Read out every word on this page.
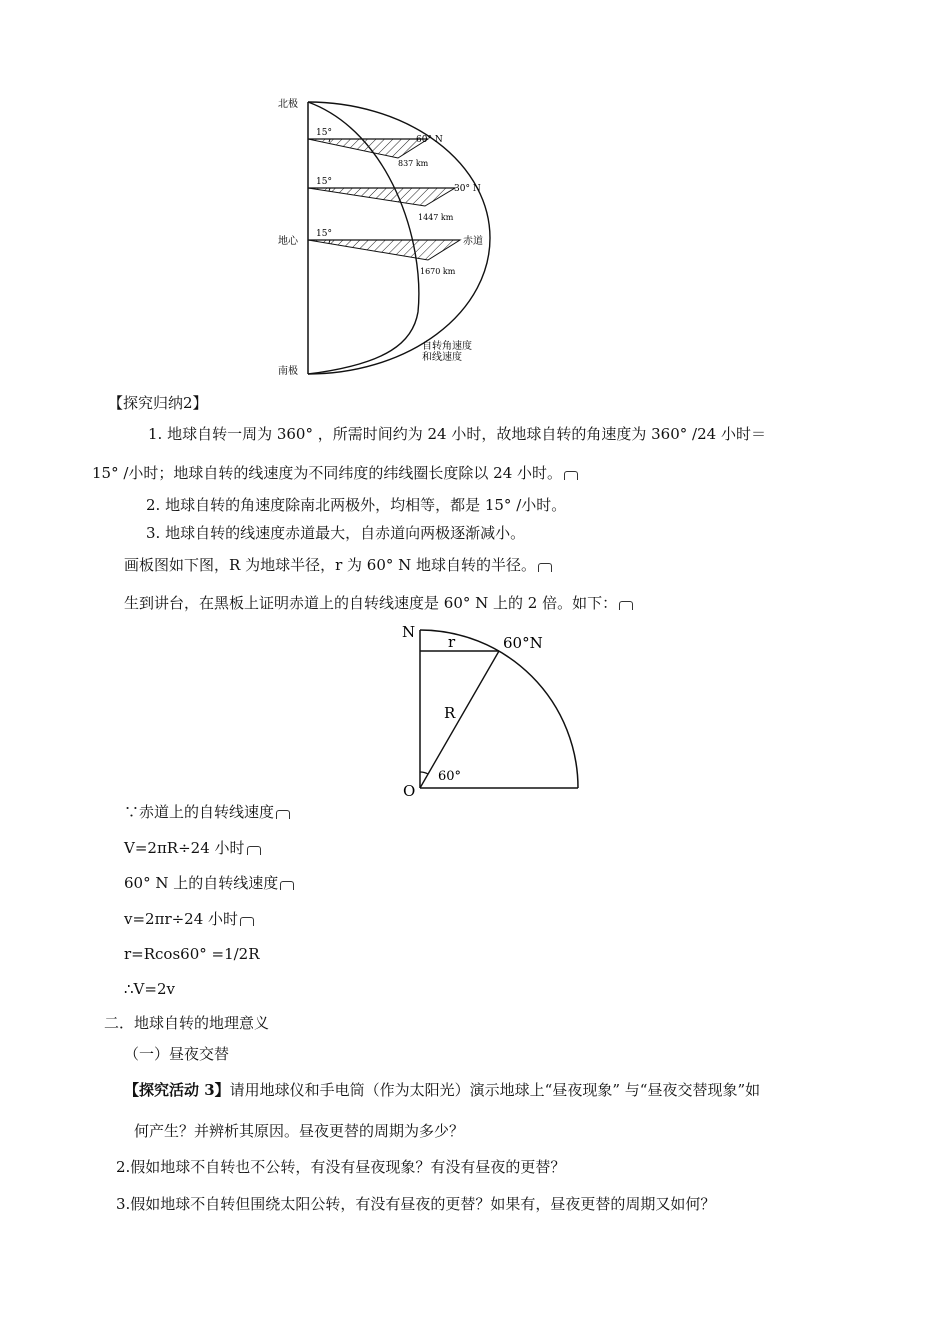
北极
地心
南极
15°
15°
15°
60° N
30° N
赤道
837 km
1447 km
1670 km
自转角速度
和线速度
【探究归纳2】
1. 地球自转一周为 360° ，所需时间约为 24 小时，故地球自转的角速度为 360° /24 小时＝
15° /小时；地球自转的线速度为不同纬度的纬线圈长度除以 24 小时。
2. 地球自转的角速度除南北两极外，均相等，都是 15° /小时。
3. 地球自转的线速度赤道最大，自赤道向两极逐渐减小。
画板图如下图，R 为地球半径，r 为 60° N 地球自转的半径。
生到讲台，在黑板上证明赤道上的自转线速度是 60° N 上的 2 倍。如下：
N
r	60°N
R
60°
O
∵赤道上的自转线速度
V=2πR÷24 小时
60° N 上的自转线速度
v=2πr÷24 小时
r=Rcos60° =1/2R
∴V=2v
二．地球自转的地理意义
（一）昼夜交替
【探究活动 3】请用地球仪和手电筒（作为太阳光）演示地球上“昼夜现象” 与“昼夜交替现象”如
何产生？并辨析其原因。昼夜更替的周期为多少？
2.假如地球不自转也不公转，有没有昼夜现象？有没有昼夜的更替？
3.假如地球不自转但围绕太阳公转，有没有昼夜的更替？如果有，昼夜更替的周期又如何？
